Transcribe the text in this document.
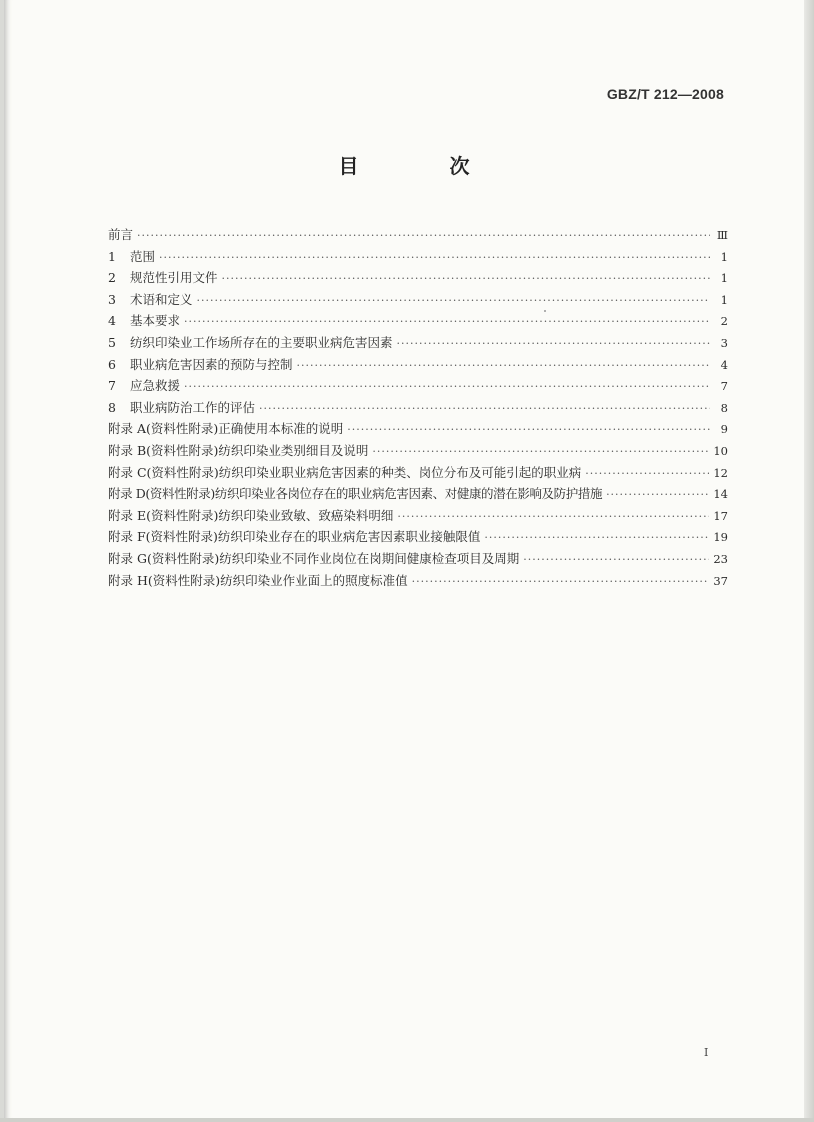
GBZ/T 212—2008
目 次
前言 ·····	Ⅲ
1	范围 ·····	1
2	规范性引用文件 ·····	1
3	术语和定义 ·····	1
4	基本要求 ·····	2
5	纺织印染业工作场所存在的主要职业病危害因素 ·····	3
6	职业病危害因素的预防与控制 ·····	4
7	应急救援 ·····	7
8	职业病防治工作的评估 ·····	8
附录 A(资料性附录)正确使用本标准的说明 ·····	9
附录 B(资料性附录)纺织印染业类别细目及说明 ·····	10
附录 C(资料性附录)纺织印染业职业病危害因素的种类、岗位分布及可能引起的职业病 ·····	12
附录 D(资料性附录)纺织印染业各岗位存在的职业病危害因素、对健康的潜在影响及防护措施 ·····	14
附录 E(资料性附录)纺织印染业致敏、致癌染料明细 ·····	17
附录 F(资料性附录)纺织印染业存在的职业病危害因素职业接触限值 ·····	19
附录 G(资料性附录)纺织印染业不同作业岗位在岗期间健康检查项目及周期 ·····	23
附录 H(资料性附录)纺织印染业作业面上的照度标准值 ·····	37
I
